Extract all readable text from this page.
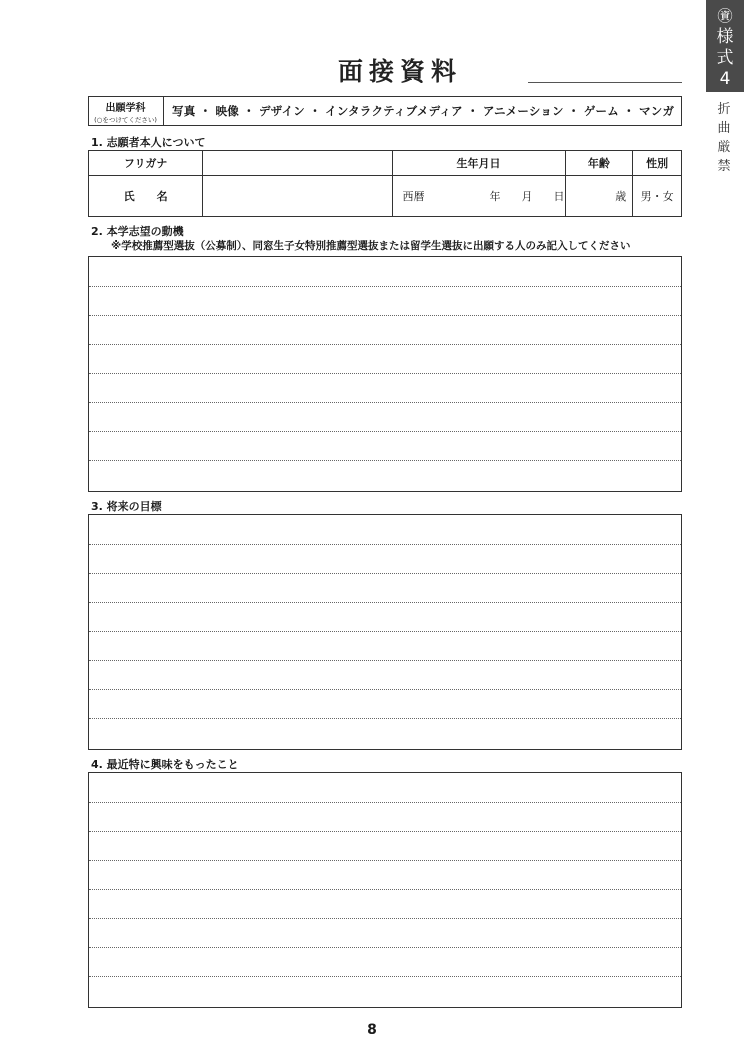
面接資料
㊮
様
式
4
折
曲
厳
禁
出願学科
(○をつけてください)
写真 ・ 映像 ・ デザイン ・ インタラクティブメディア ・ アニメーション ・ ゲーム ・ マンガ
1. 志願者本人について
フリガナ		生年月日	年齢	性別
氏　　名		西暦 年 月 日	歳	男・女
2. 本学志望の動機
※学校推薦型選抜（公募制）、同窓生子女特別推薦型選抜または留学生選抜に出願する人のみ記入してください
3. 将来の目標
4. 最近特に興味をもったこと
8
